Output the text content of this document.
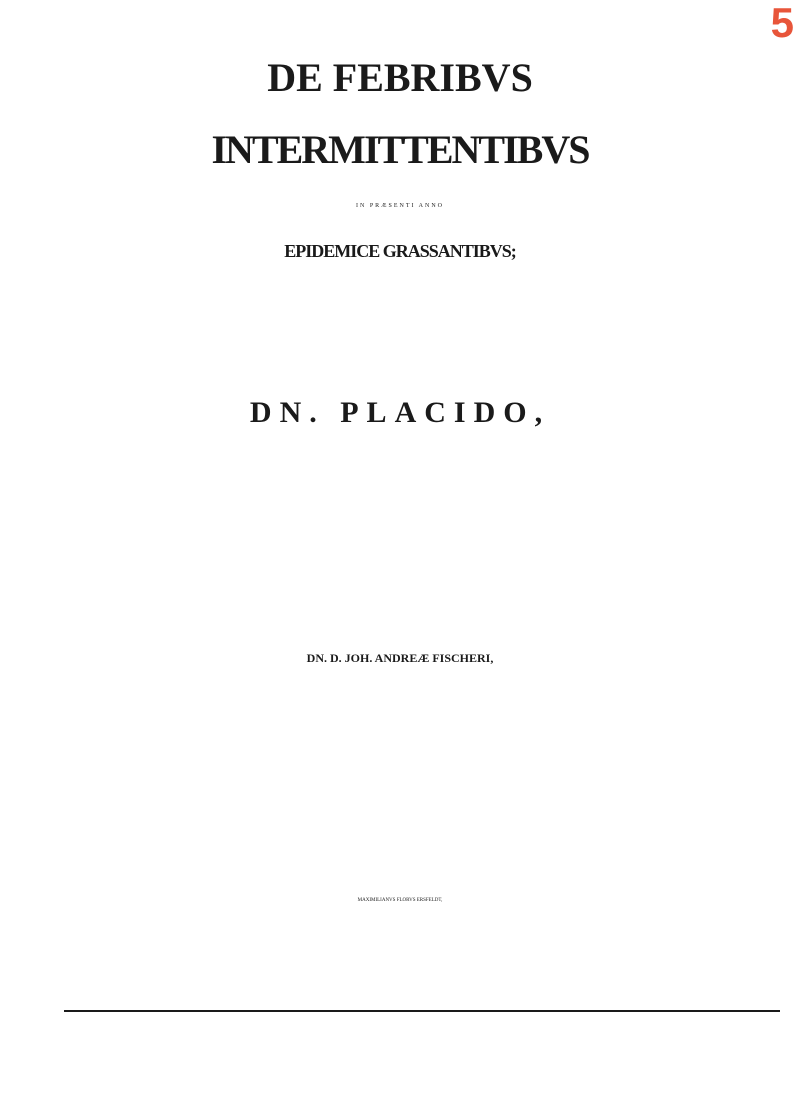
5
DE FEBRIBVS
INTERMITTENTIBVS
IN PRÆSENTI ANNO
EPIDEMICE GRASSANTIBVS;
DN. PLACIDO,
DN. D. JOH. ANDREÆ FISCHERI,
MAXIMILIANVS FLORVS ERSFELDT,
